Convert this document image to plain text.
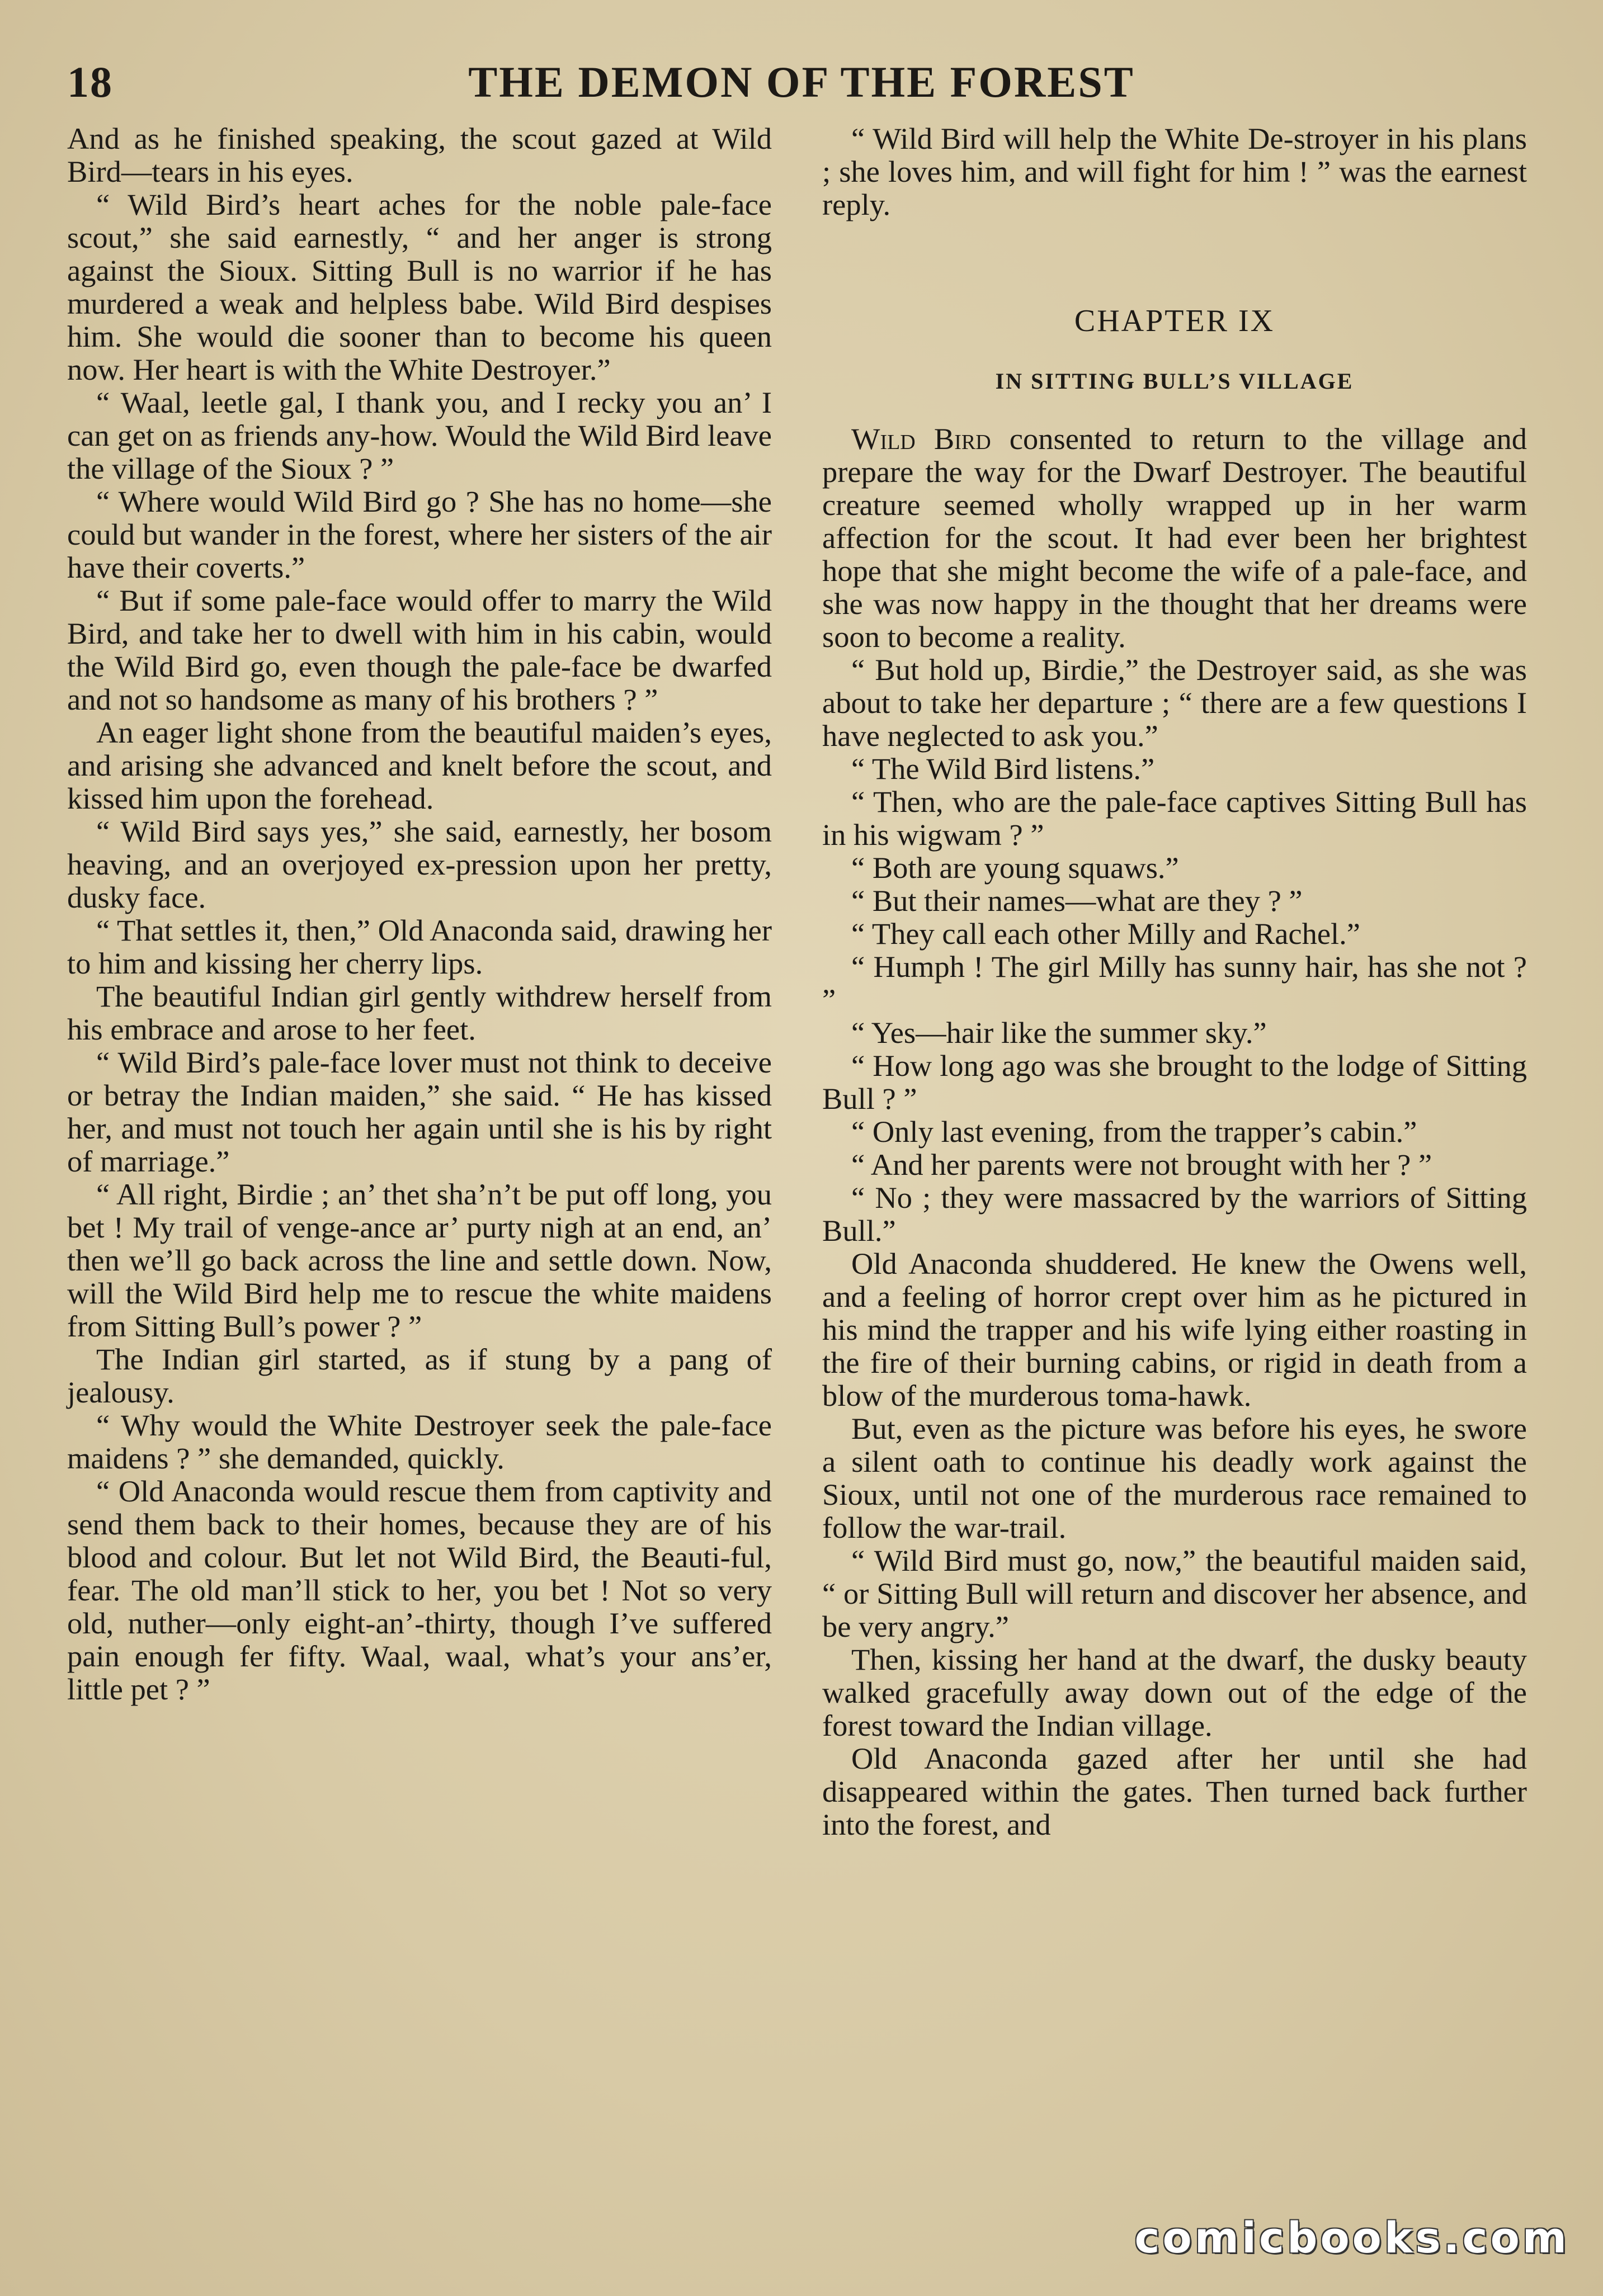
18	THE DEMON OF THE FOREST

And as he finished speaking, the scout gazed at Wild Bird—tears in his eyes.

“ Wild Bird’s heart aches for the noble pale-face scout,” she said earnestly, “ and her anger is strong against the Sioux. Sitting Bull is no warrior if he has murdered a weak and helpless babe. Wild Bird despises him. She would die sooner than to become his queen now. Her heart is with the White Destroyer.”

“ Waal, leetle gal, I thank you, and I recky you an’ I can get on as friends any-how. Would the Wild Bird leave the village of the Sioux ? ”

“ Where would Wild Bird go ? She has no home—she could but wander in the forest, where her sisters of the air have their coverts.”

“ But if some pale-face would offer to marry the Wild Bird, and take her to dwell with him in his cabin, would the Wild Bird go, even though the pale-face be dwarfed and not so handsome as many of his brothers ? ”

An eager light shone from the beautiful maiden’s eyes, and arising she advanced and knelt before the scout, and kissed him upon the forehead.

“ Wild Bird says yes,” she said, earnestly, her bosom heaving, and an overjoyed ex-pression upon her pretty, dusky face.

“ That settles it, then,” Old Anaconda said, drawing her to him and kissing her cherry lips.

The beautiful Indian girl gently withdrew herself from his embrace and arose to her feet.

“ Wild Bird’s pale-face lover must not think to deceive or betray the Indian maiden,” she said. “ He has kissed her, and must not touch her again until she is his by right of marriage.”

“ All right, Birdie ; an’ thet sha’n’t be put off long, you bet ! My trail of venge-ance ar’ purty nigh at an end, an’ then we’ll go back across the line and settle down. Now, will the Wild Bird help me to rescue the white maidens from Sitting Bull’s power ? ”

The Indian girl started, as if stung by a pang of jealousy.

“ Why would the White Destroyer seek the pale-face maidens ? ” she demanded, quickly.

“ Old Anaconda would rescue them from captivity and send them back to their homes, because they are of his blood and colour. But let not Wild Bird, the Beauti-ful, fear. The old man’ll stick to her, you bet ! Not so very old, nuther—only eight-an’-thirty, though I’ve suffered pain enough fer fifty. Waal, waal, what’s your ans’er, little pet ? ”

“ Wild Bird will help the White De-stroyer in his plans ; she loves him, and will fight for him ! ” was the earnest reply.

CHAPTER IX
IN SITTING BULL’S VILLAGE

Wild Bird consented to return to the village and prepare the way for the Dwarf Destroyer. The beautiful creature seemed wholly wrapped up in her warm affection for the scout. It had ever been her brightest hope that she might become the wife of a pale-face, and she was now happy in the thought that her dreams were soon to become a reality.

“ But hold up, Birdie,” the Destroyer said, as she was about to take her departure ; “ there are a few questions I have neglected to ask you.”

“ The Wild Bird listens.”

“ Then, who are the pale-face captives Sitting Bull has in his wigwam ? ”

“ Both are young squaws.”

“ But their names—what are they ? ”

“ They call each other Milly and Rachel.”

“ Humph ! The girl Milly has sunny hair, has she not ? ”

“ Yes—hair like the summer sky.”

“ How long ago was she brought to the lodge of Sitting Bull ? ”

“ Only last evening, from the trapper’s cabin.”

“ And her parents were not brought with her ? ”

“ No ; they were massacred by the warriors of Sitting Bull.”

Old Anaconda shuddered. He knew the Owens well, and a feeling of horror crept over him as he pictured in his mind the trapper and his wife lying either roasting in the fire of their burning cabins, or rigid in death from a blow of the murderous toma-hawk.

But, even as the picture was before his eyes, he swore a silent oath to continue his deadly work against the Sioux, until not one of the murderous race remained to follow the war-trail.

“ Wild Bird must go, now,” the beautiful maiden said, “ or Sitting Bull will return and discover her absence, and be very angry.”

Then, kissing her hand at the dwarf, the dusky beauty walked gracefully away down out of the edge of the forest toward the Indian village.

Old Anaconda gazed after her until she had disappeared within the gates. Then turned back further into the forest, and

comicbooks.com
